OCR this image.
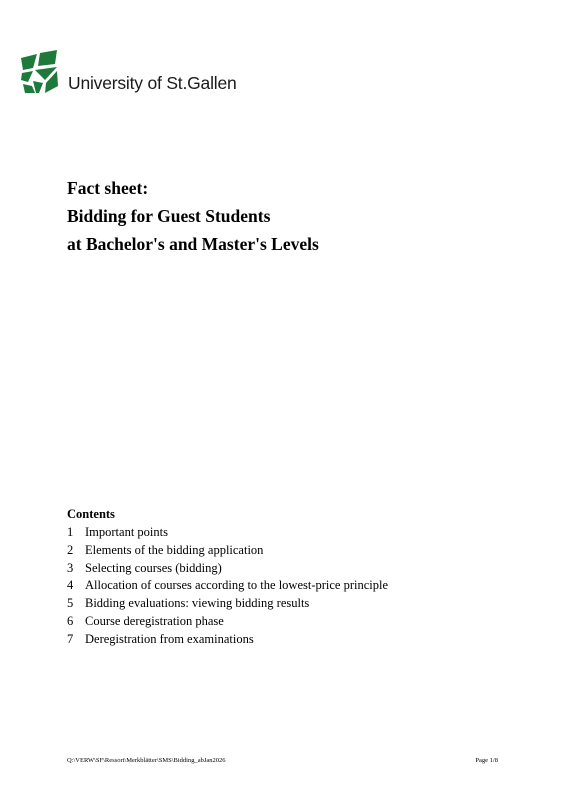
University of St.Gallen
Fact sheet:
Bidding for Guest Students
at Bachelor's and Master's Levels
Contents
1 Important points
2 Elements of the bidding application
3 Selecting courses (bidding)
4 Allocation of courses according to the lowest-price principle
5 Bidding evaluations: viewing bidding results
6 Course deregistration phase
7 Deregistration from examinations
Q:\VERW\SF\Ressort\Merkblätter\SMS\Bidding_abJan2026	Page 1/8
